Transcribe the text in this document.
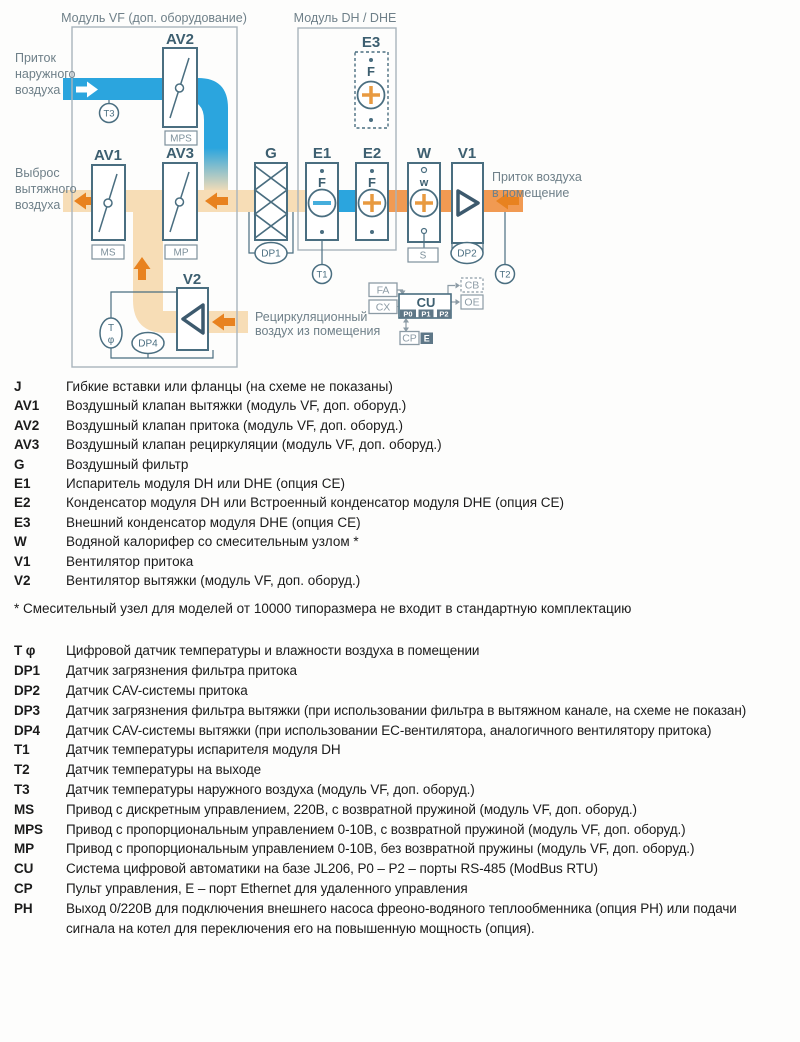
Модуль VF (доп. оборудование)	Модуль DH / DHE
Приток
наружного
воздуха
Выброс
вытяжного
воздуха
Приток воздуха
в помещение
Рециркуляционный
воздух из помещения
T3
AV2
MPS
AV1
MS
AV3
MP
V2
T
φ DP4
G
DP1
E1
F
T1
E2
F
E3
F
W
w
S
V1
DP2
T2
FA
CX CU
P0 P1 P2
CB
OE
CP E
J	Гибкие вставки или фланцы (на схеме не показаны)
AV1	Воздушный клапан вытяжки (модуль VF, доп. оборуд.)
AV2	Воздушный клапан притока (модуль VF, доп. оборуд.)
AV3	Воздушный клапан рециркуляции (модуль VF, доп. оборуд.)
G	Воздушный фильтр
E1	Испаритель модуля DH или DHE (опция CE)
E2	Конденсатор модуля DH или Встроенный конденсатор модуля DHE (опция CE)
E3	Внешний конденсатор модуля DHE (опция CE)
W	Водяной калорифер со смесительным узлом *
V1	Вентилятор притока
V2	Вентилятор вытяжки (модуль VF, доп. оборуд.)
* Смесительный узел для моделей от 10000 типоразмера не входит в стандартную комплектацию
T φ	Цифровой датчик температуры и влажности воздуха в помещении
DP1	Датчик загрязнения фильтра притока
DP2	Датчик CAV-системы притока
DP3	Датчик загрязнения фильтра вытяжки (при использовании фильтра в вытяжном канале, на схеме не показан)
DP4	Датчик CAV-системы вытяжки (при использовании EC-вентилятора, аналогичного вентилятору притока)
T1	Датчик температуры испарителя модуля DH
T2	Датчик температуры на выходе
T3	Датчик температуры наружного воздуха (модуль VF, доп. оборуд.)
MS	Привод с дискретным управлением, 220В, с возвратной пружиной (модуль VF, доп. оборуд.)
MPS	Привод с пропорциональным управлением 0-10В, с возвратной пружиной (модуль VF, доп. оборуд.)
MP	Привод с пропорциональным управлением 0-10В, без возвратной пружины (модуль VF, доп. оборуд.)
CU	Система цифровой автоматики на базе JL206, P0 – P2 – порты RS-485 (ModBus RTU)
CP	Пульт управления, E – порт Ethernet для удаленного управления
PH	Выход 0/220В для подключения внешнего насоса фреоно-водяного теплообменника (опция PH) или подачи сигнала на котел для переключения его на повышенную мощность (опция).
